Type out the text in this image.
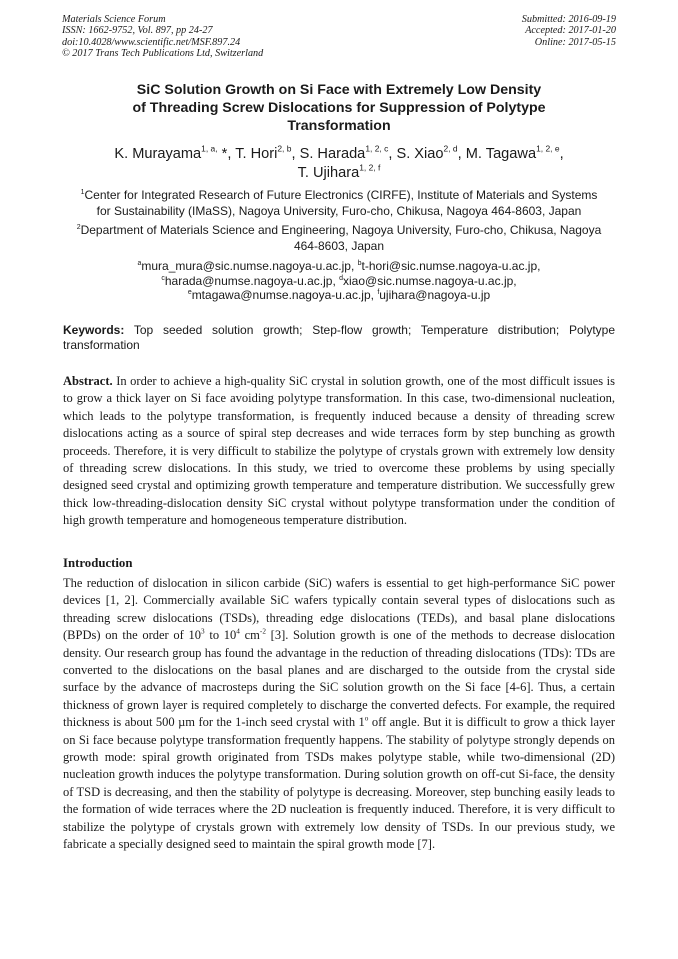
Materials Science Forum
ISSN: 1662-9752, Vol. 897, pp 24-27
doi:10.4028/www.scientific.net/MSF.897.24
© 2017 Trans Tech Publications Ltd, Switzerland
Submitted: 2016-09-19
Accepted: 2017-01-20
Online: 2017-05-15
SiC Solution Growth on Si Face with Extremely Low Density
of Threading Screw Dislocations for Suppression of Polytype
Transformation
K. Murayama$^{1, a,}$ *, T. Hori$^{2, b}$, S. Harada$^{1, 2, c}$, S. Xiao$^{2, d}$, M. Tagawa$^{1, 2, e}$,
T. Ujihara$^{1, 2, f}$
$^1$Center for Integrated Research of Future Electronics (CIRFE), Institute of Materials and Systems
for Sustainability (IMaSS), Nagoya University, Furo-cho, Chikusa, Nagoya 464-8603, Japan
$^2$Department of Materials Science and Engineering, Nagoya University, Furo-cho, Chikusa, Nagoya
464-8603, Japan
$^a$mura_mura@sic.numse.nagoya-u.ac.jp, $^b$t-hori@sic.numse.nagoya-u.ac.jp,
$^c$harada@numse.nagoya-u.ac.jp, $^d$xiao@sic.numse.nagoya-u.ac.jp,
$^e$mtagawa@numse.nagoya-u.ac.jp, $^f$ujihara@nagoya-u.jp
Keywords: Top seeded solution growth; Step-flow growth; Temperature distribution; Polytype transformation
Abstract. In order to achieve a high-quality SiC crystal in solution growth, one of the most difficult issues is to grow a thick layer on Si face avoiding polytype transformation. In this case, two-dimensional nucleation, which leads to the polytype transformation, is frequently induced because a density of threading screw dislocations acting as a source of spiral step decreases and wide terraces form by step bunching as growth proceeds. Therefore, it is very difficult to stabilize the polytype of crystals grown with extremely low density of threading screw dislocations. In this study, we tried to overcome these problems by using specially designed seed crystal and optimizing growth temperature and temperature distribution. We successfully grew thick low-threading-dislocation density SiC crystal without polytype transformation under the condition of high growth temperature and homogeneous temperature distribution.
Introduction
The reduction of dislocation in silicon carbide (SiC) wafers is essential to get high-performance SiC power devices [1, 2]. Commercially available SiC wafers typically contain several types of dislocations such as threading screw dislocations (TSDs), threading edge dislocations (TEDs), and basal plane dislocations (BPDs) on the order of $10^3$ to $10^4$ $cm^{-2}$ [3]. Solution growth is one of the methods to decrease dislocation density. Our research group has found the advantage in the reduction of threading dislocations (TDs): TDs are converted to the dislocations on the basal planes and are discharged to the outside from the crystal side surface by the advance of macrosteps during the SiC solution growth on the Si face [4-6]. Thus, a certain thickness of grown layer is required completely to discharge the converted defects. For example, the required thickness is about 500 µm for the 1-inch seed crystal with 1$^o$ off angle. But it is difficult to grow a thick layer on Si face because polytype transformation frequently happens. The stability of polytype strongly depends on growth mode: spiral growth originated from TSDs makes polytype stable, while two-dimensional (2D) nucleation growth induces the polytype transformation. During solution growth on off-cut Si-face, the density of TSD is decreasing, and then the stability of polytype is decreasing. Moreover, step bunching easily leads to the formation of wide terraces where the 2D nucleation is frequently induced. Therefore, it is very difficult to stabilize the polytype of crystals grown with extremely low density of TSDs. In our previous study, we fabricate a specially designed seed to maintain the spiral growth mode [7].
